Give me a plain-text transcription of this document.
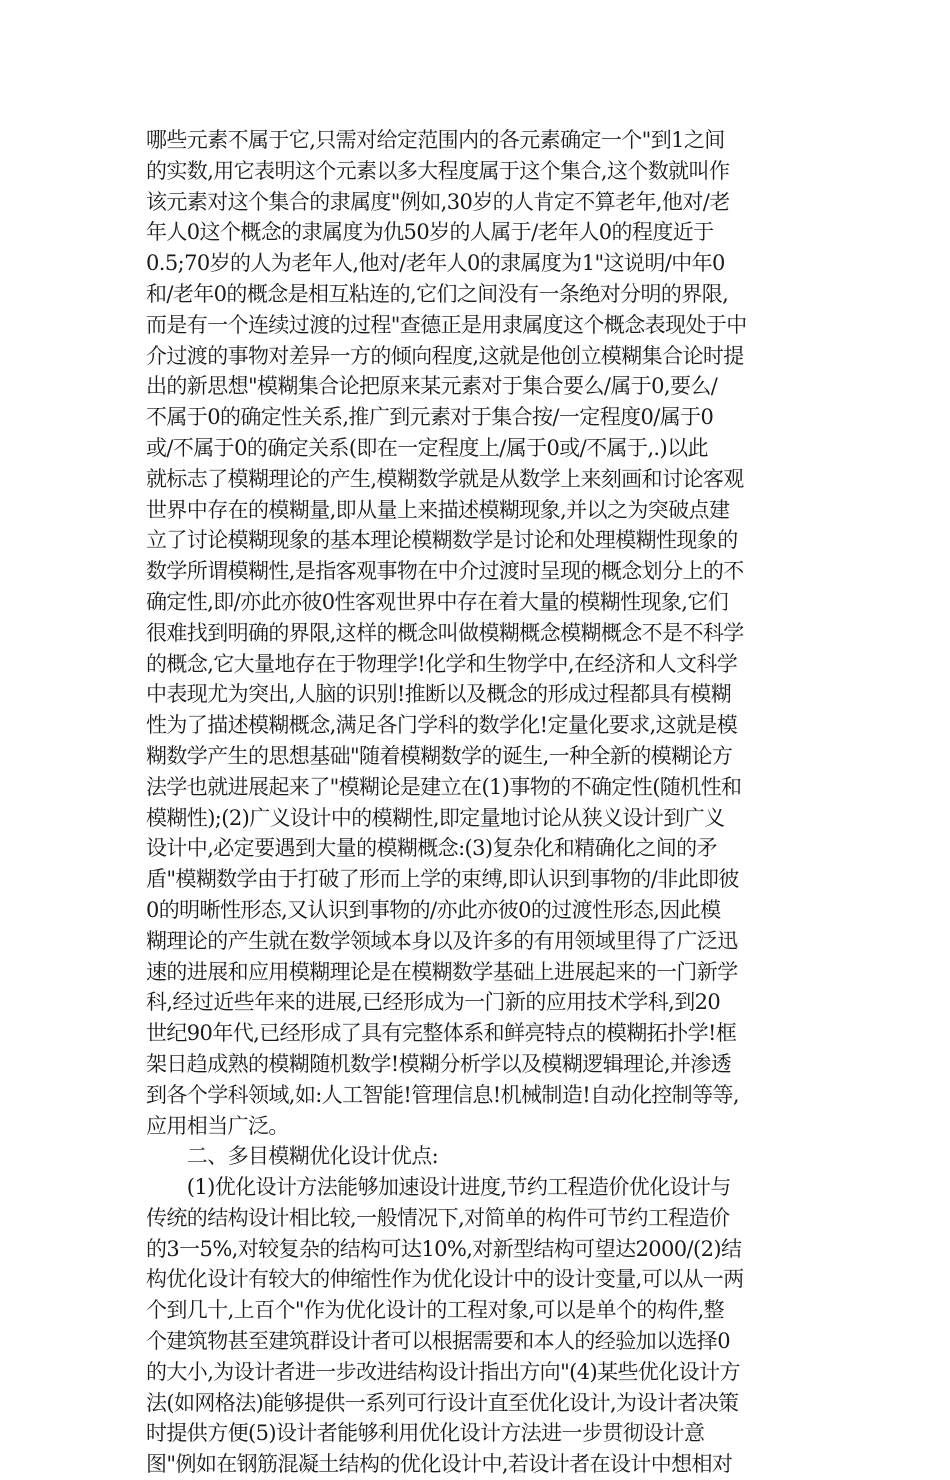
哪些元素不属于它,只需对给定范围内的各元素确定一个"到1之间
的实数,用它表明这个元素以多大程度属于这个集合,这个数就叫作
该元素对这个集合的隶属度"例如,30岁的人肯定不算老年,他对/老
年人0这个概念的隶属度为仇50岁的人属于/老年人0的程度近于
0.5;70岁的人为老年人,他对/老年人0的隶属度为1"这说明/中年0
和/老年0的概念是相互粘连的,它们之间没有一条绝对分明的界限,
而是有一个连续过渡的过程"查德正是用隶属度这个概念表现处于中
介过渡的事物对差异一方的倾向程度,这就是他创立模糊集合论时提
出的新思想"模糊集合论把原来某元素对于集合要么/属于0,要么/
不属于0的确定性关系,推广到元素对于集合按/一定程度0/属于0
或/不属于0的确定关系(即在一定程度上/属于0或/不属于,.)以此
就标志了模糊理论的产生,模糊数学就是从数学上来刻画和讨论客观
世界中存在的模糊量,即从量上来描述模糊现象,并以之为突破点建
立了讨论模糊现象的基本理论模糊数学是讨论和处理模糊性现象的
数学所谓模糊性,是指客观事物在中介过渡时呈现的概念划分上的不
确定性,即/亦此亦彼0性客观世界中存在着大量的模糊性现象,它们
很难找到明确的界限,这样的概念叫做模糊概念模糊概念不是不科学
的概念,它大量地存在于物理学!化学和生物学中,在经济和人文科学
中表现尤为突出,人脑的识别!推断以及概念的形成过程都具有模糊
性为了描述模糊概念,满足各门学科的数学化!定量化要求,这就是模
糊数学产生的思想基础"随着模糊数学的诞生,一种全新的模糊论方
法学也就进展起来了"模糊论是建立在(1)事物的不确定性(随机性和
模糊性);(2)广义设计中的模糊性,即定量地讨论从狭义设计到广义
设计中,必定要遇到大量的模糊概念:(3)复杂化和精确化之间的矛
盾"模糊数学由于打破了形而上学的束缚,即认识到事物的/非此即彼
0的明晰性形态,又认识到事物的/亦此亦彼0的过渡性形态,因此模
糊理论的产生就在数学领域本身以及许多的有用领域里得了广泛迅
速的进展和应用模糊理论是在模糊数学基础上进展起来的一门新学
科,经过近些年来的进展,已经形成为一门新的应用技术学科,到20
世纪90年代,已经形成了具有完整体系和鲜亮特点的模糊拓扑学!框
架日趋成熟的模糊随机数学!模糊分析学以及模糊逻辑理论,并渗透
到各个学科领域,如:人工智能!管理信息!机械制造!自动化控制等等,
应用相当广泛。
　　二、多目模糊优化设计优点:
　　(1)优化设计方法能够加速设计进度,节约工程造价优化设计与
传统的结构设计相比较,一般情况下,对简单的构件可节约工程造价
的3一5%,对较复杂的结构可达10%,对新型结构可望达2000/(2)结
构优化设计有较大的伸缩性作为优化设计中的设计变量,可以从一两
个到几十,上百个"作为优化设计的工程对象,可以是单个的构件,整
个建筑物甚至建筑群设计者可以根据需要和本人的经验加以选择0
的大小,为设计者进一步改进结构设计指出方向"(4)某些优化设计方
法(如网格法)能够提供一系列可行设计直至优化设计,为设计者决策
时提供方便(5)设计者能够利用优化设计方法进一步贯彻设计意
图"例如在钢筋混凝土结构的优化设计中,若设计者在设计中想相对
